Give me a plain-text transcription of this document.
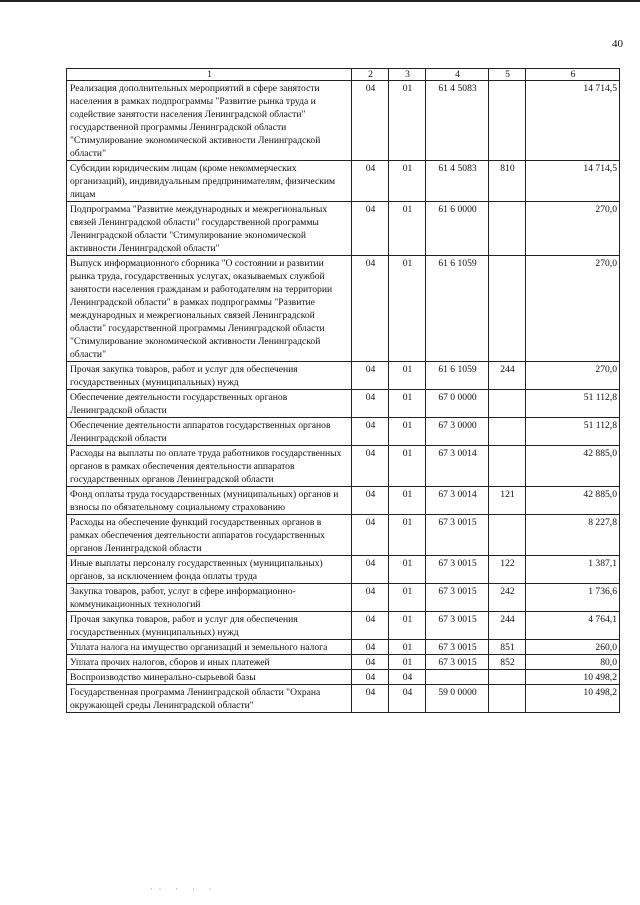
40
1	2	3	4	5	6
Реализация дополнительных мероприятий в сфере занятости населения в рамках подпрограммы "Развитие рынка труда и содействие занятости населения Ленинградской области" государственной программы Ленинградской области "Стимулирование экономической активности Ленинградской области"	04	01	61 4 5083		14 714,5
Субсидии юридическим лицам (кроме некоммерческих организаций), индивидуальным предпринимателям, физическим лицам	04	01	61 4 5083	810	14 714,5
Подпрограмма "Развитие международных и межрегиональных связей Ленинградской области" государственной программы Ленинградской области "Стимулирование экономической активности Ленинградской области"	04	01	61 6 0000		270,0
Выпуск информационного сборника "О состоянии и развитии рынка труда, государственных услугах, оказываемых службой занятости населения гражданам и работодателям на территории Ленинградской области" в рамках подпрограммы "Развитие международных и межрегиональных связей Ленинградской области" государственной программы Ленинградской области "Стимулирование экономической активности Ленинградской области"	04	01	61 6 1059		270,0
Прочая закупка товаров, работ и услуг для обеспечения государственных (муниципальных) нужд	04	01	61 6 1059	244	270,0
Обеспечение деятельности государственных органов Ленинградской области	04	01	67 0 0000		51 112,8
Обеспечение деятельности аппаратов государственных органов Ленинградской области	04	01	67 3 0000		51 112,8
Расходы на выплаты по оплате труда работников государственных органов в рамках обеспечения деятельности аппаратов государственных органов Ленинградской области	04	01	67 3 0014		42 885,0
Фонд оплаты труда государственных (муниципальных) органов и взносы по обязательному социальному страхованию	04	01	67 3 0014	121	42 885,0
Расходы на обеспечение функций государственных органов в рамках обеспечения деятельности аппаратов государственных органов Ленинградской области	04	01	67 3 0015		8 227,8
Иные выплаты персоналу государственных (муниципальных) органов, за исключением фонда оплаты труда	04	01	67 3 0015	122	1 387,1
Закупка товаров, работ, услуг в сфере информационно-коммуникационных технологий	04	01	67 3 0015	242	1 736,6
Прочая закупка товаров, работ и услуг для обеспечения государственных (муниципальных) нужд	04	01	67 3 0015	244	4 764,1
Уплата налога на имущество организаций и земельного налога	04	01	67 3 0015	851	260,0
Уплата прочих налогов, сборов и иных платежей	04	01	67 3 0015	852	80,0
Воспроизводство минерально-сырьевой базы	04	04			10 498,2
Государственная программа Ленинградской области "Охрана окружающей среды Ленинградской области"	04	04	59 0 0000		10 498,2
·· · · ·
